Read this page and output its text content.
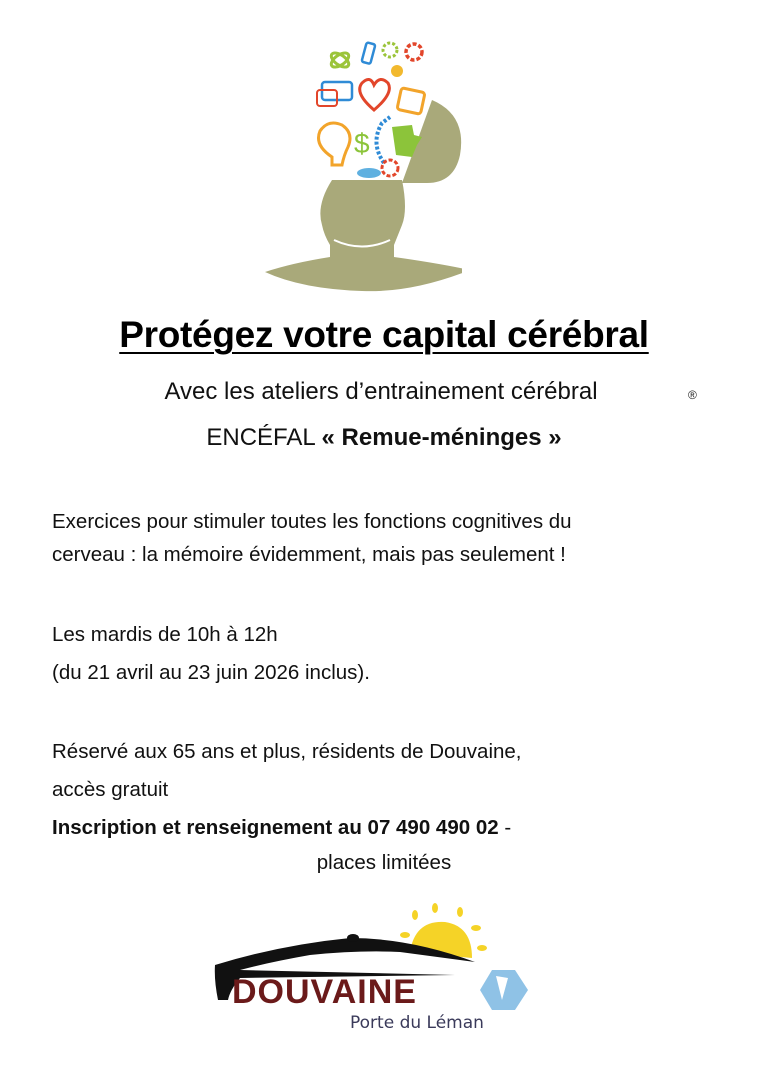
$
Protégez votre capital cérébral
Avec les ateliers d’entrainement cérébral	®
ENCÉFAL « Remue-méninges »
Exercices pour stimuler toutes les fonctions cognitives du
cerveau : la mémoire évidemment, mais pas seulement !
Les mardis de 10h à 12h
(du 21 avril au 23 juin 2026 inclus).
Réservé aux 65 ans et plus, résidents de Douvaine,
accès gratuit
Inscription et renseignement au 07 490 490 02 -
places limitées
DOUVAINE
Porte du Léman
